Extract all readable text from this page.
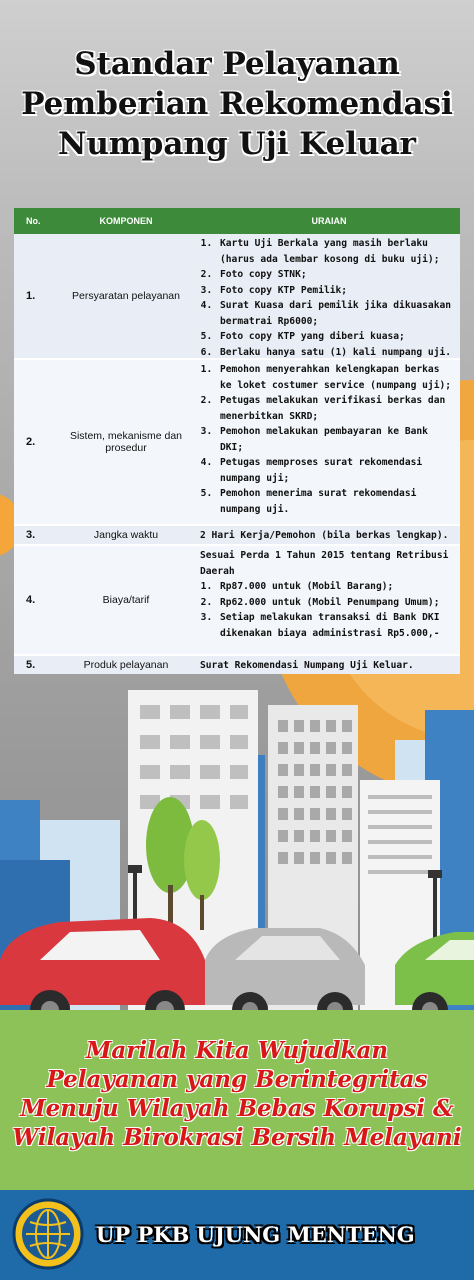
Standar Pelayanan
Pemberian Rekomendasi
Numpang Uji Keluar
No.	KOMPONEN	URAIAN
1.	Persyaratan pelayanan
1. Kartu Uji Berkala yang masih berlaku (harus ada lembar kosong di buku uji);
2. Foto copy STNK;
3. Foto copy KTP Pemilik;
4. Surat Kuasa dari pemilik jika dikuasakan bermatrai Rp6000;
5. Foto copy KTP yang diberi kuasa;
6. Berlaku hanya satu (1) kali numpang uji.
2.	Sistem, mekanisme dan prosedur
1. Pemohon menyerahkan kelengkapan berkas ke loket costumer service (numpang uji);
2. Petugas melakukan verifikasi berkas dan menerbitkan SKRD;
3. Pemohon melakukan pembayaran ke Bank DKI;
4. Petugas memproses surat rekomendasi numpang uji;
5. Pemohon menerima surat rekomendasi numpang uji.
3.	Jangka waktu	2 Hari Kerja/Pemohon (bila berkas lengkap).
4.	Biaya/tarif
Sesuai Perda 1 Tahun 2015 tentang Retribusi Daerah
1. Rp87.000 untuk (Mobil Barang);
2. Rp62.000 untuk (Mobil Penumpang Umum);
3. Setiap melakukan transaksi di Bank DKI dikenakan biaya administrasi Rp5.000,-
5.	Produk pelayanan	Surat Rekomendasi Numpang Uji Keluar.
Marilah Kita Wujudkan
Pelayanan yang Berintegritas
Menuju Wilayah Bebas Korupsi &
Wilayah Birokrasi Bersih Melayani
UP PKB UJUNG MENTENG
